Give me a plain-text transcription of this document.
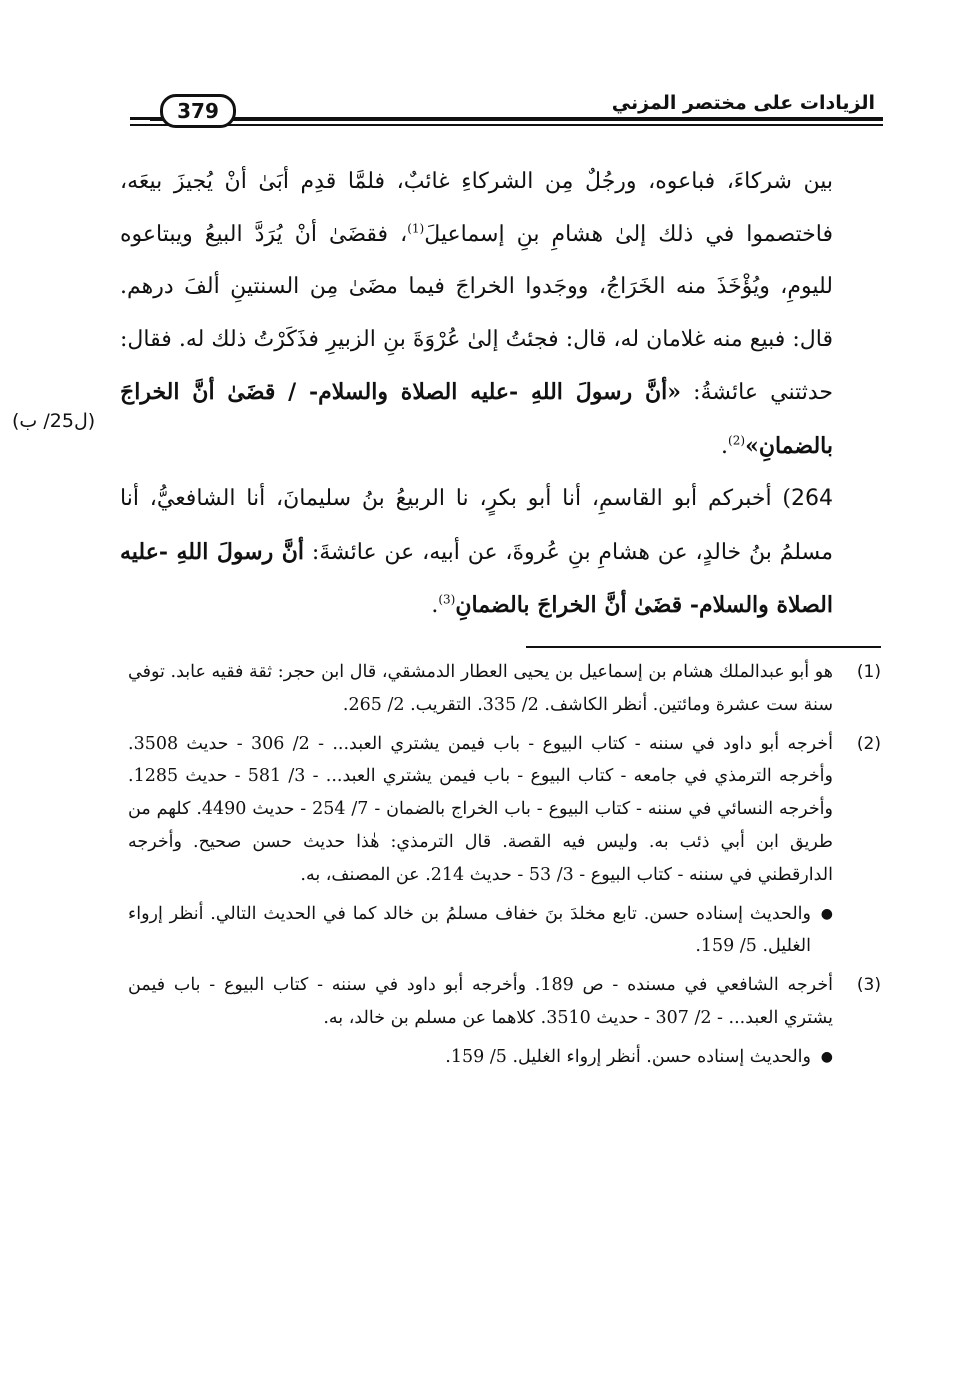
الزيادات على مختصر المزني
379
(ل25/ ب)

بين شركاءَ، فباعوه، ورجُلٌ مِن الشركاءِ غائبٌ، فلمَّا قدِم أبَىٰ أنْ يُجيزَ بيعَه، فاختصموا في ذلك إلىٰ هشامِ بنِ إسماعيلَ$^{(1)}$، فقضَىٰ أنْ يُرَدَّ البيعُ ويبتاعوه لليومِ، ويُؤْخَذَ منه الخَرَاجُ، ووجَدوا الخراجَ فيما مضَىٰ مِن السنتينِ ألفَ درهم. قال: فبيع منه غلامان له، قال: فجئتُ إلىٰ عُرْوَةَ بنِ الزبيرِ فذَكَرْتُ ذلك له. فقال: حدثتني عائشةُ: «أنَّ رسولَ اللهِ -عليه الصلاة والسلام- / قضَىٰ أنَّ الخراجَ بالضمانِ»$^{(2)}$.

264) أخبركم أبو القاسمِ، أنا أبو بكرٍ، نا الربيعُ بنُ سليمانَ، أنا الشافعيُّ، أنا مسلمُ بنُ خالدٍ، عن هشامِ بنِ عُروةَ، عن أبيه، عن عائشةَ: أنَّ رسولَ اللهِ -عليه الصلاة والسلام- قضَىٰ أنَّ الخراجَ بالضمانِ$^{(3)}$.

(1)
هو أبو عبدالملك هشام بن إسماعيل بن يحيى العطار الدمشقي، قال ابن حجر: ثقة فقيه عابد. توفي سنة ست عشرة ومائتين. أنظر الكاشف. 2/ 335. التقريب. 2/ 265.
(2)
أخرجه أبو داود في سننه - كتاب البيوع - باب فيمن يشتري العبد... - 2/ 306 - حديث 3508. وأخرجه الترمذي في جامعه - كتاب البيوع - باب فيمن يشتري العبد... - 3/ 581 - حديث 1285. وأخرجه النسائي في سننه - كتاب البيوع - باب الخراج بالضمان - 7/ 254 - حديث 4490. كلهم من طريق ابن أبي ذئب به. وليس فيه القصة. قال الترمذي: هٰذا حديث حسن صحيح. وأخرجه الدارقطني في سننه - كتاب البيوع - 3/ 53 - حديث 214. عن المصنف، به.
●
والحديث إسناده حسن. تابع مخلدَ بنَ خفاف مسلمُ بن خالد كما في الحديث التالي. أنظر إرواء الغليل. 5/ 159.
(3)
أخرجه الشافعي في مسنده - ص 189. وأخرجه أبو داود في سننه - كتاب البيوع - باب فيمن يشتري العبد... - 2/ 307 - حديث 3510. كلاهما عن مسلم بن خالد، به.
●
والحديث إسناده حسن. أنظر إرواء الغليل. 5/ 159.
